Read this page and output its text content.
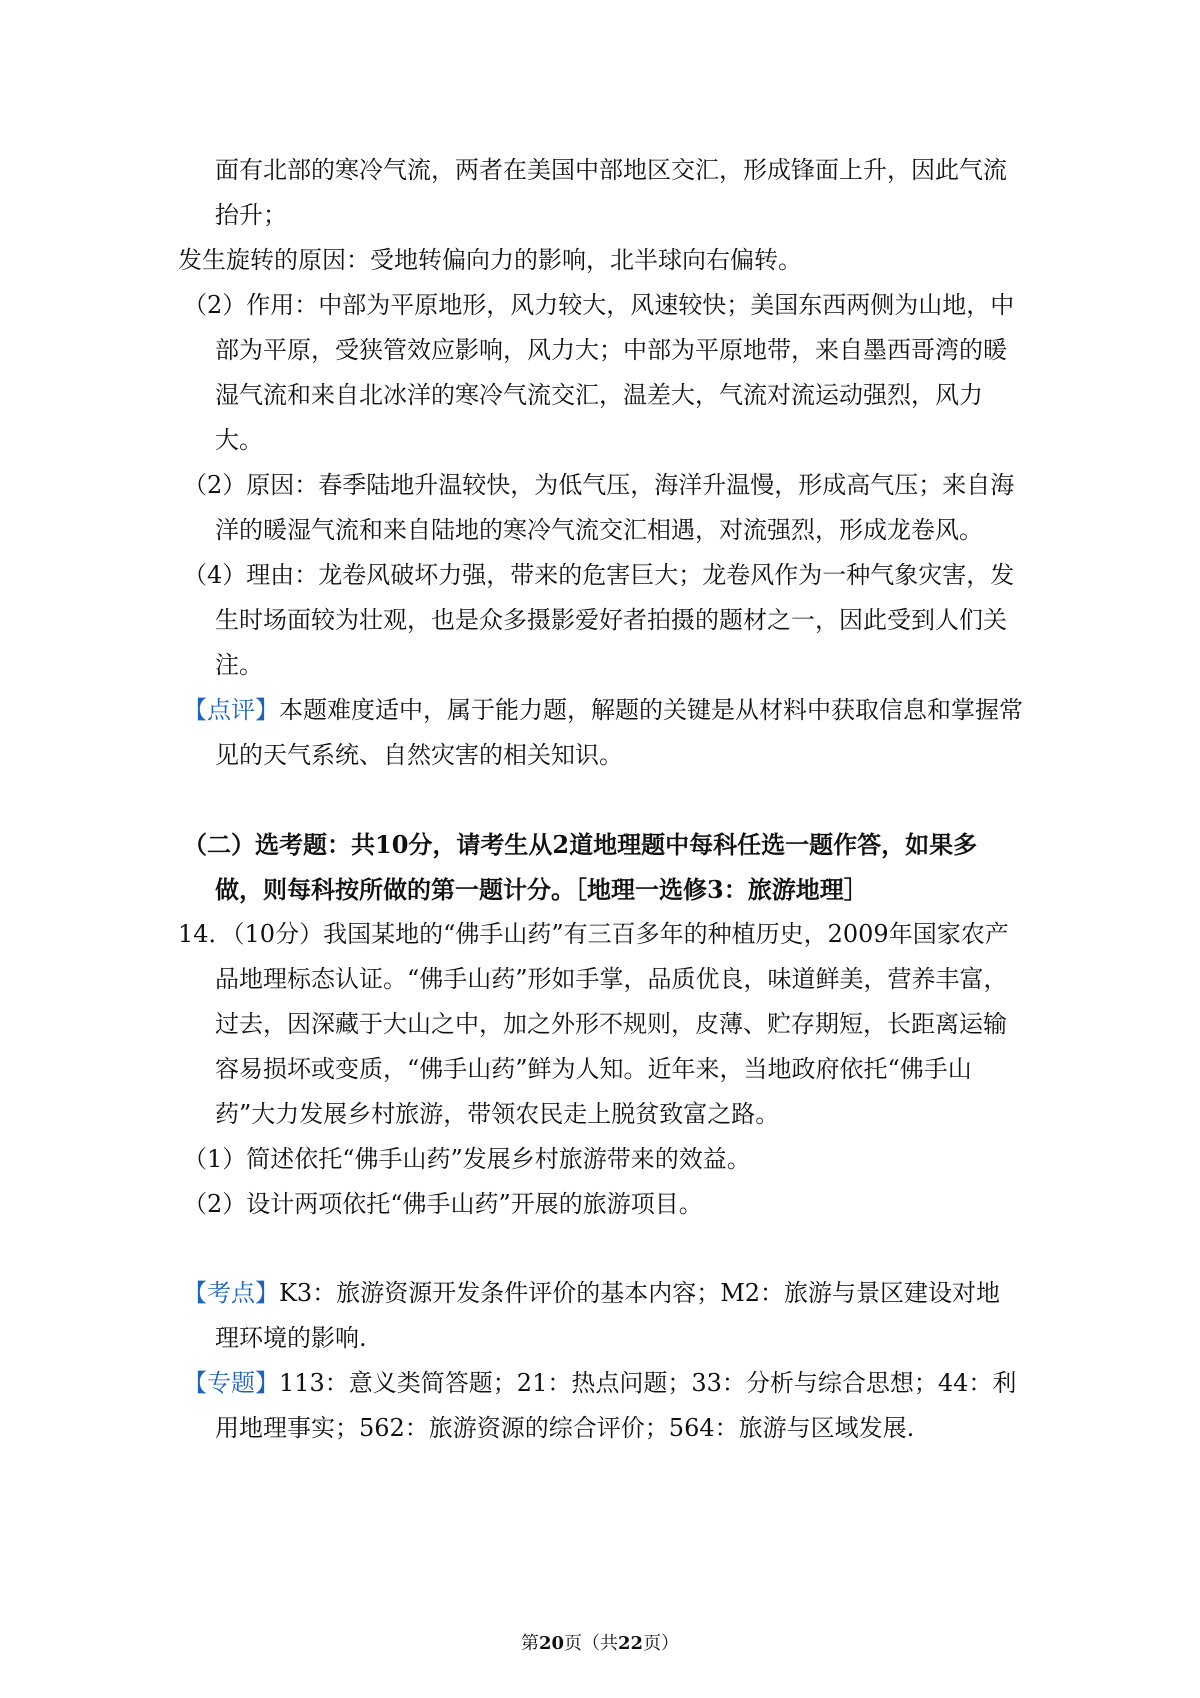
面有北部的寒冷气流，两者在美国中部地区交汇，形成锋面上升，因此气流

抬升；

发生旋转的原因：受地转偏向力的影响，北半球向右偏转。

（2）作用：中部为平原地形，风力较大，风速较快；美国东西两侧为山地，中部为平原，受狭管效应影响，风力大；中部为平原地带，来自墨西哥湾的暖湿气流和来自北冰洋的寒冷气流交汇，温差大，气流对流运动强烈，风力大。

（2）原因：春季陆地升温较快，为低气压，海洋升温慢，形成高气压；来自海洋的暖湿气流和来自陆地的寒冷气流交汇相遇，对流强烈，形成龙卷风。

（4）理由：龙卷风破坏力强，带来的危害巨大；龙卷风作为一种气象灾害，发生时场面较为壮观，也是众多摄影爱好者拍摄的题材之一，因此受到人们关注。

【点评】本题难度适中，属于能力题，解题的关键是从材料中获取信息和掌握常见的天气系统、自然灾害的相关知识。

（二）选考题：共10分，请考生从2道地理题中每科任选一题作答，如果多做，则每科按所做的第一题计分。［地理一选修3：旅游地理］

14．（10分）我国某地的“佛手山药”有三百多年的种植历史，2009年国家农产品地理标态认证。“佛手山药”形如手掌，品质优良，味道鲜美，营养丰富，过去，因深藏于大山之中，加之外形不规则，皮薄、贮存期短，长距离运输容易损坏或变质，“佛手山药”鲜为人知。近年来，当地政府依托“佛手山药”大力发展乡村旅游，带领农民走上脱贫致富之路。

（1）简述依托“佛手山药”发展乡村旅游带来的效益。

（2）设计两项依托“佛手山药”开展的旅游项目。

【考点】K3：旅游资源开发条件评价的基本内容；M2：旅游与景区建设对地理环境的影响.

【专题】113：意义类简答题；21：热点问题；33：分析与综合思想；44：利用地理事实；562：旅游资源的综合评价；564：旅游与区域发展.

第20页（共22页）
